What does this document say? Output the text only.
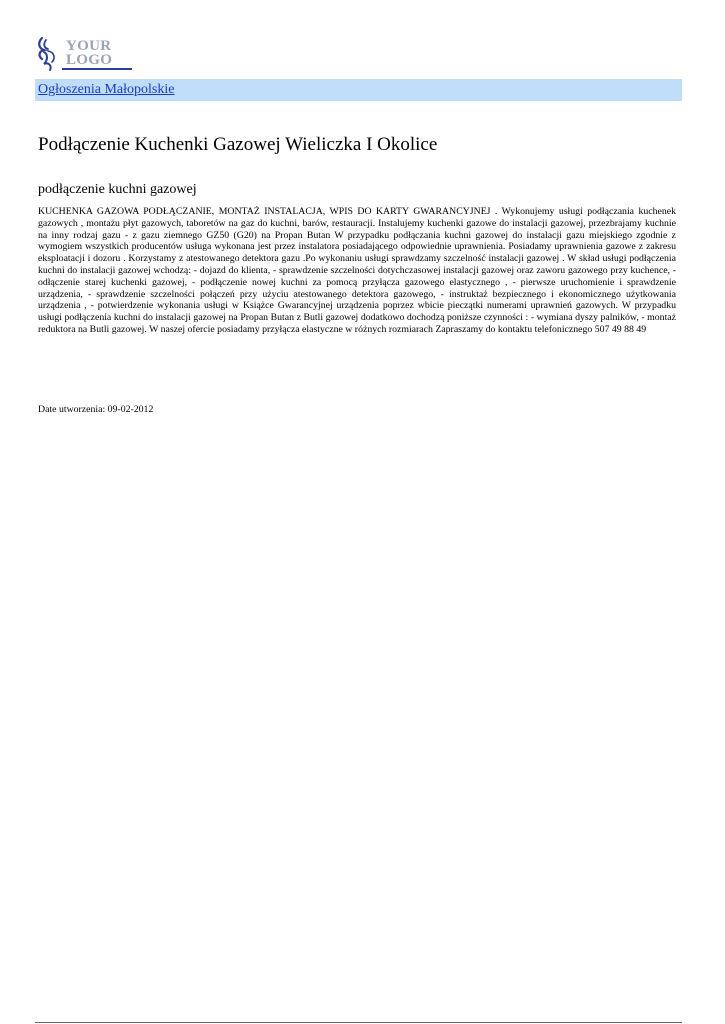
YOUR
LOGO
Ogłoszenia Małopolskie
Podłączenie Kuchenki Gazowej Wieliczka I Okolice
podłączenie kuchni gazowej

KUCHENKA GAZOWA PODŁĄCZANIE, MONTAŻ INSTALACJA, WPIS DO KARTY GWARANCYJNEJ . Wykonujemy usługi podłączania kuchenek gazowych , montażu płyt gazowych, taboretów na gaz do kuchni, barów, restauracji. Instalujemy kuchenki gazowe do instalacji gazowej, przezbrajamy kuchnie na inny rodzaj gazu - z gazu ziemnego GZ50 (G20) na Propan Butan W przypadku podłączania kuchni gazowej do instalacji gazu miejskiego zgodnie z wymogiem wszystkich producentów usługa wykonana jest przez instalatora posiadającego odpowiednie uprawnienia. Posiadamy uprawnienia gazowe z zakresu eksploatacji i dozoru . Korzystamy z atestowanego detektora gazu .Po wykonaniu usługi sprawdzamy szczelność instalacji gazowej . W skład usługi podłączenia kuchni do instalacji gazowej wchodzą: - dojazd do klienta, - sprawdzenie szczelności dotychczasowej instalacji gazowej oraz zaworu gazowego przy kuchence, - odłączenie starej kuchenki gazowej, - podłączenie nowej kuchni za pomocą przyłącza gazowego elastycznego , - pierwsze uruchomienie i sprawdzenie urządzenia, - sprawdzenie szczelności połączeń przy użyciu atestowanego detektora gazowego, - instruktaż bezpiecznego i ekonomicznego użytkowania urządzenia , - potwierdzenie wykonania usługi w Książce Gwarancyjnej urządzenia poprzez wbicie pieczątki numerami uprawnień gazowych. W przypadku usługi podłączenia kuchni do instalacji gazowej na Propan Butan z Butli gazowej dodatkowo dochodzą poniższe czynności : - wymiana dyszy palników, - montaż reduktora na Butli gazowej. W naszej ofercie posiadamy przyłącza elastyczne w różnych rozmiarach Zapraszamy do kontaktu telefonicznego 507 49 88 49

Date utworzenia: 09-02-2012
